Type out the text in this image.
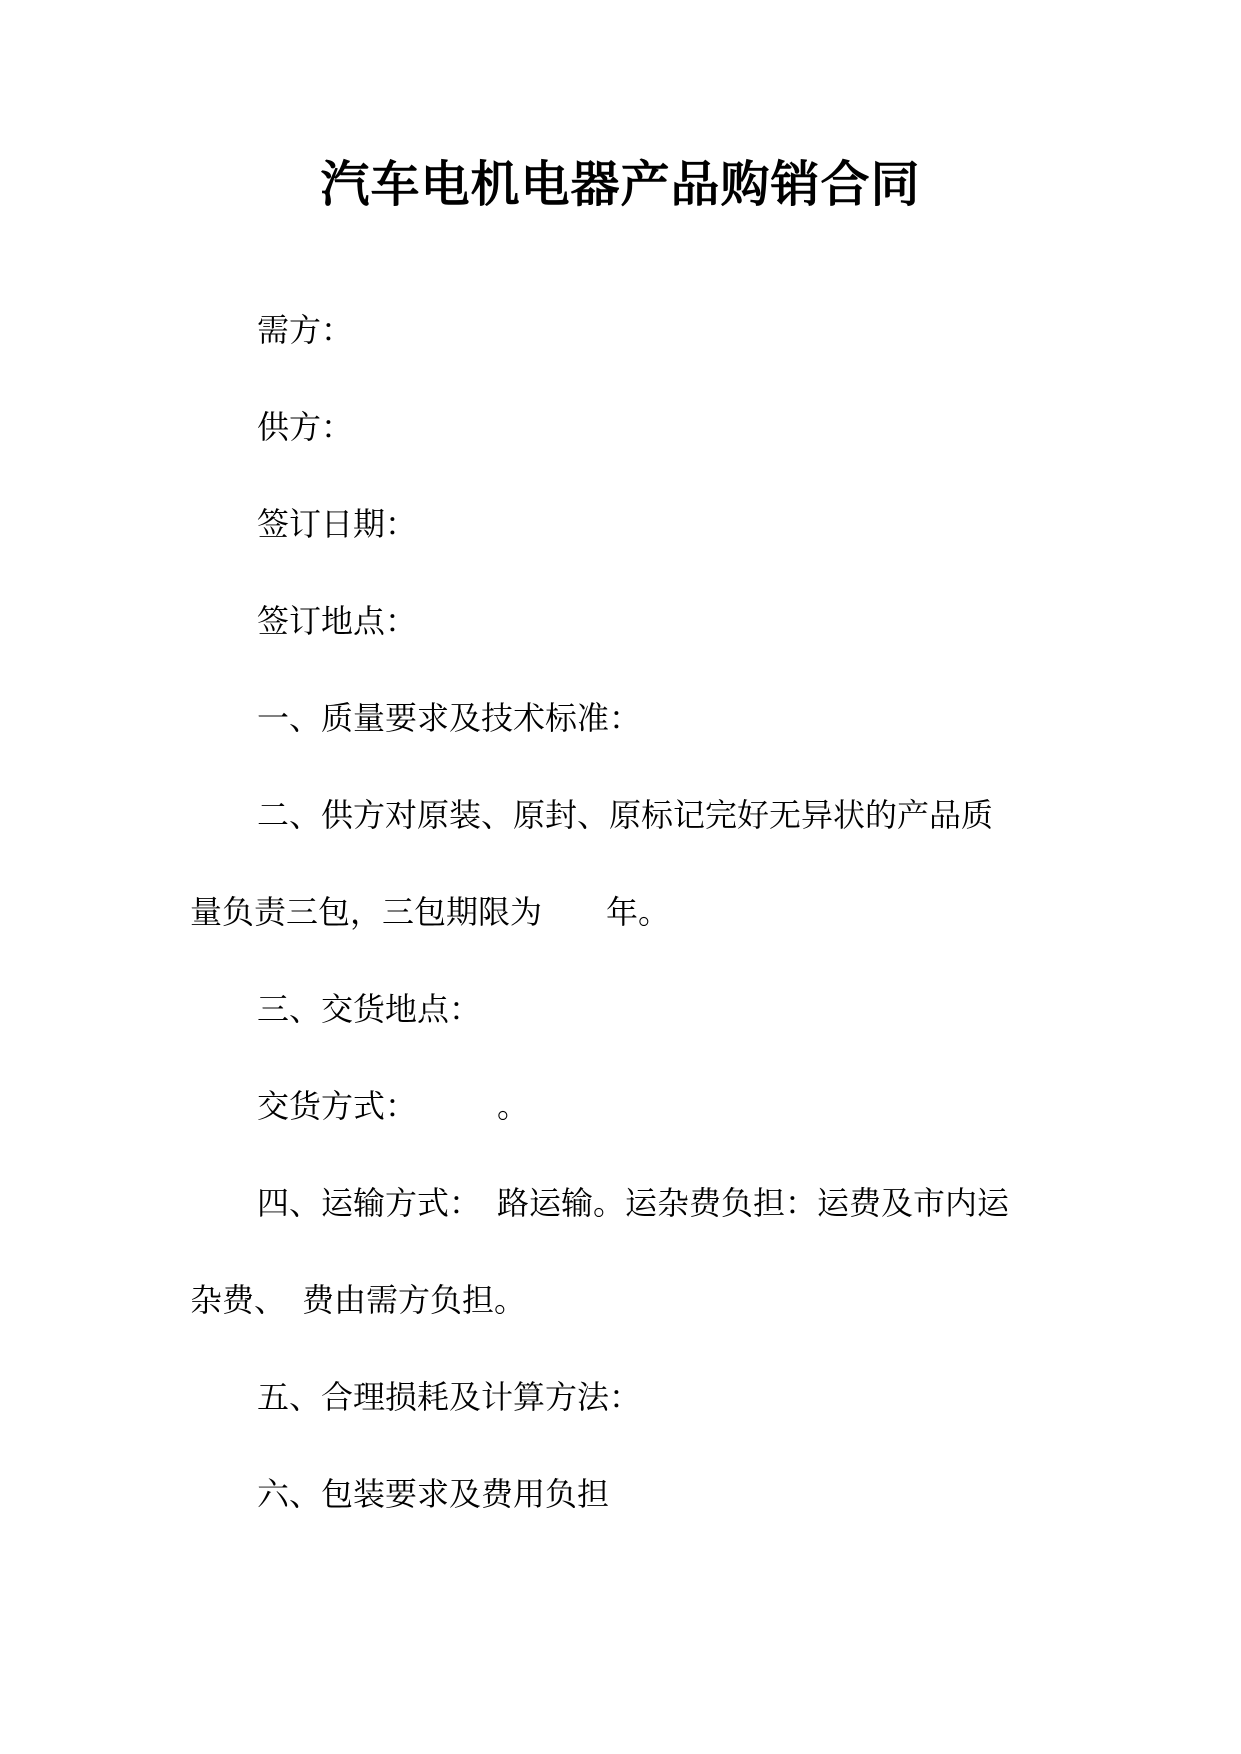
汽车电机电器产品购销合同
需方：
供方：
签订日期：
签订地点：
一、质量要求及技术标准：
二、供方对原装、原封、原标记完好无异状的产品质
量负责三包，三包期限为　　年。
三、交货地点：
交货方式：　　　。
四、运输方式：　路运输。运杂费负担：运费及市内运
杂费、　费由需方负担。
五、合理损耗及计算方法：
六、包装要求及费用负担
